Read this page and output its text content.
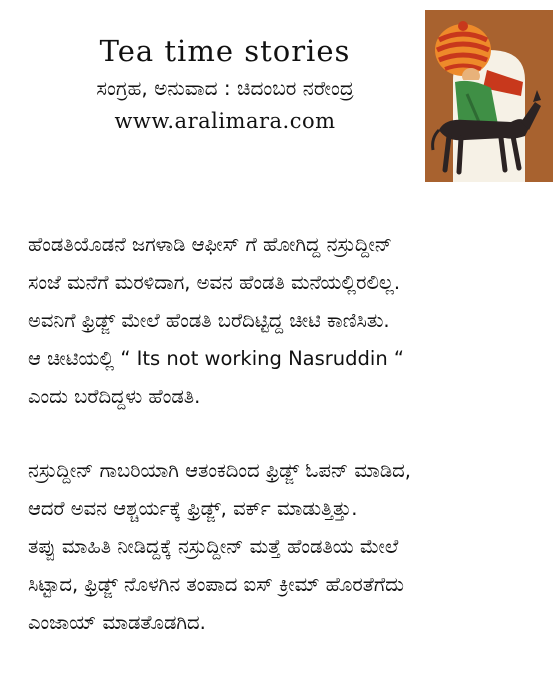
Tea time stories

ಸಂಗ್ರಹ, ಅನುವಾದ : ಚಿದಂಬರ ನರೇಂದ್ರ

www.aralimara.com

ಹೆಂಡತಿಯೊಡನೆ ಜಗಳಾಡಿ ಆಫೀಸ್ ಗೆ ಹೋಗಿದ್ದ ನಸ್ರುದ್ದೀನ್

ಸಂಜೆ ಮನೆಗೆ ಮರಳಿದಾಗ, ಅವನ ಹೆಂಡತಿ ಮನೆಯಲ್ಲಿರಲಿಲ್ಲ.

ಅವನಿಗೆ ಫ್ರಿಡ್ಜ್ ಮೇಲೆ ಹೆಂಡತಿ ಬರೆದಿಟ್ಟಿದ್ದ ಚೀಟಿ ಕಾಣಿಸಿತು.

ಆ ಚೀಟಿಯಲ್ಲಿ “ Its not working Nasruddin “

ಎಂದು ಬರೆದಿದ್ದಳು ಹೆಂಡತಿ.

ನಸ್ರುದ್ದೀನ್ ಗಾಬರಿಯಾಗಿ ಆತಂಕದಿಂದ ಫ್ರಿಡ್ಜ್ ಓಪನ್ ಮಾಡಿದ,

ಆದರೆ ಅವನ ಆಶ್ಚರ್ಯಕ್ಕೆ ಫ್ರಿಡ್ಜ್, ವರ್ಕ್ ಮಾಡುತ್ತಿತ್ತು.

ತಪ್ಪು ಮಾಹಿತಿ ನೀಡಿದ್ದಕ್ಕೆ ನಸ್ರುದ್ದೀನ್ ಮತ್ತೆ ಹೆಂಡತಿಯ ಮೇಲೆ

ಸಿಟ್ಟಾದ, ಫ್ರಿಡ್ಜ್ ನೊಳಗಿನ ತಂಪಾದ ಐಸ್ ಕ್ರೀಮ್ ಹೊರತೆಗೆದು

ಎಂಜಾಯ್ ಮಾಡತೊಡಗಿದ.
